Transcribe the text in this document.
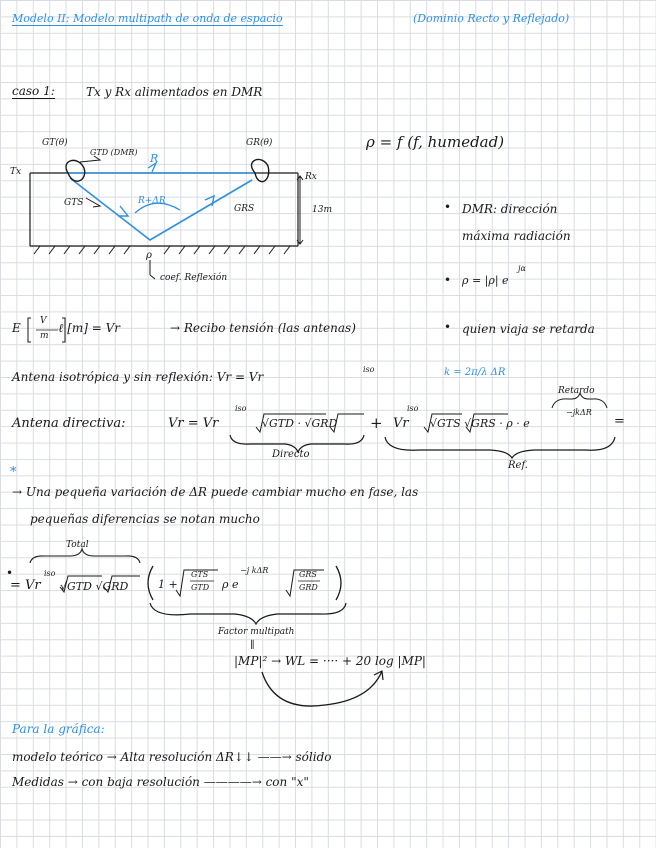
Modelo II: Modelo multipath de onda de espacio	(Dominio Recto y Reflejado)
caso 1:	Tx y Rx alimentados en DMR
GT(θ)
GTD (DMR) R
GR(θ)
Tx	Rx
GTS	R+ΔR
GRS	13m
ρ
coef. Reflexión
ρ = f (f, humedad)
• DMR: dirección
máxima radiación
• ρ = |ρ| e
jα
• quien viaja se retarda
E	ℓ [m] = Vr
V
m
→ Recibo tensión (las antenas)
Antena isotrópica y sin reflexión: Vr = Vr
iso	k = 2π/λ ΔR
Antena directiva:	Vr = Vr
iso
√GTD · √GRD + Vr
iso
√GTS √GRS · ρ · e
−jkΔR
Retardo
=
Directo
Ref.
*
→ Una pequeña variación de ΔR puede cambiar mucho en fase, las
pequeñas diferencias se notan mucho
Total
•
= Vr
iso
√GTD √GRD	1 +
GTS
GTD ρ e
−j kΔR	GRS
GRD
Factor multipath
∥
|MP|² → WL = ···· + 20 log |MP|
Para la gráfica:
modelo teórico → Alta resolución ΔR↓↓ ——→ sólido
Medidas → con baja resolución ————→ con "x"
